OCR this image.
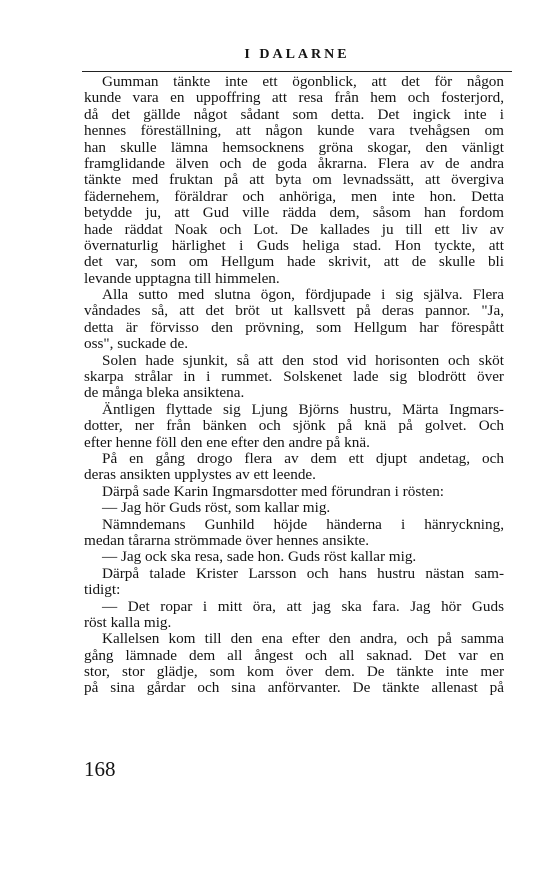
I DALARNE
Gumman tänkte inte ett ögonblick, att det för någon
kunde vara en uppoffring att resa från hem och fosterjord,
då det gällde något sådant som detta. Det ingick inte i
hennes föreställning, att någon kunde vara tvehågsen om
han skulle lämna hemsocknens gröna skogar, den vänligt
framglidande älven och de goda åkrarna. Flera av de andra
tänkte med fruktan på att byta om levnadssätt, att övergiva
fädernehem, föräldrar och anhöriga, men inte hon. Detta
betydde ju, att Gud ville rädda dem, såsom han fordom
hade räddat Noak och Lot. De kallades ju till ett liv av
övernaturlig härlighet i Guds heliga stad. Hon tyckte, att
det var, som om Hellgum hade skrivit, att de skulle bli
levande upptagna till himmelen.
Alla sutto med slutna ögon, fördjupade i sig själva. Flera
våndades så, att det bröt ut kallsvett på deras pannor. "Ja,
detta är förvisso den prövning, som Hellgum har förespått
oss", suckade de.
Solen hade sjunkit, så att den stod vid horisonten och sköt
skarpa strålar in i rummet. Solskenet lade sig blodrött över
de många bleka ansiktena.
Äntligen flyttade sig Ljung Björns hustru, Märta Ingmars-
dotter, ner från bänken och sjönk på knä på golvet. Och
efter henne föll den ene efter den andre på knä.
På en gång drogo flera av dem ett djupt andetag, och
deras ansikten upplystes av ett leende.
Därpå sade Karin Ingmarsdotter med förundran i rösten:
— Jag hör Guds röst, som kallar mig.
Nämndemans Gunhild höjde händerna i hänryckning,
medan tårarna strömmade över hennes ansikte.
— Jag ock ska resa, sade hon. Guds röst kallar mig.
Därpå talade Krister Larsson och hans hustru nästan sam-
tidigt:
— Det ropar i mitt öra, att jag ska fara. Jag hör Guds
röst kalla mig.
Kallelsen kom till den ena efter den andra, och på samma
gång lämnade dem all ångest och all saknad. Det var en
stor, stor glädje, som kom över dem. De tänkte inte mer
på sina gårdar och sina anförvanter. De tänkte allenast på
168
